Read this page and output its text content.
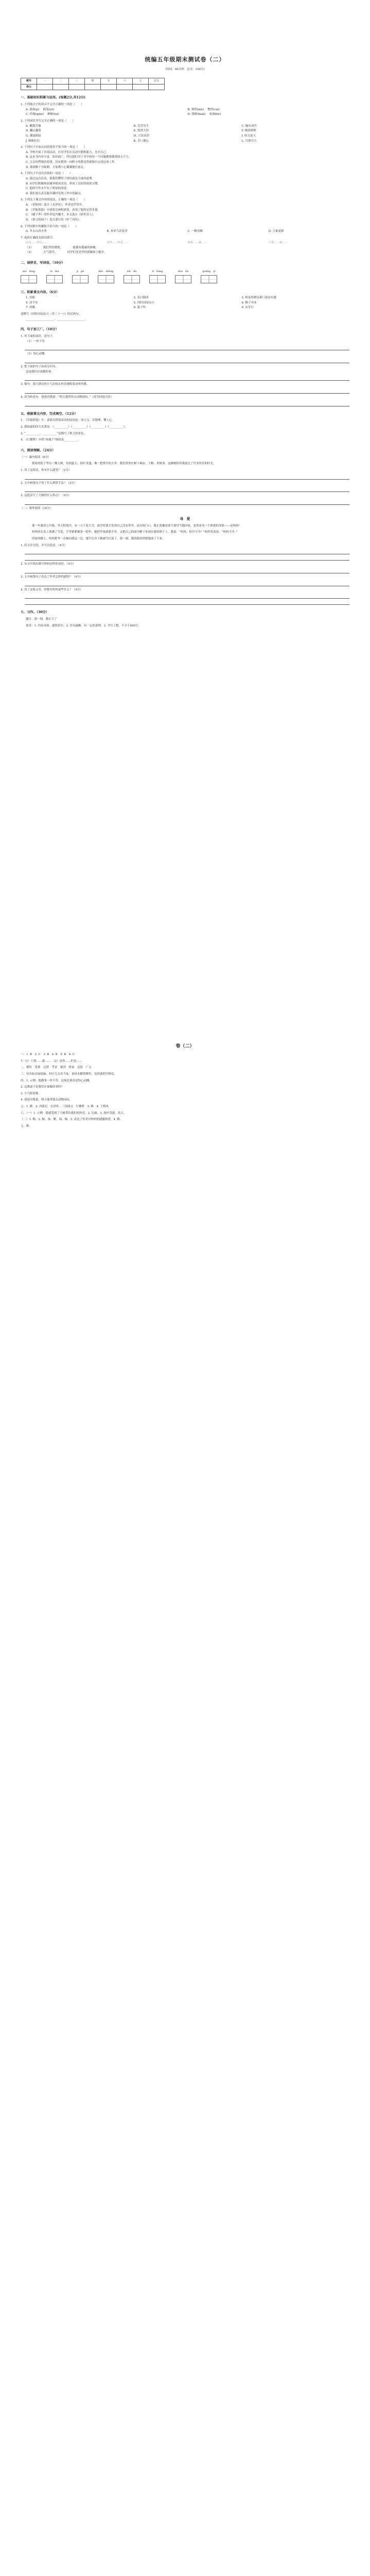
统编五年级期末测试卷（二）
（时间：90分钟　总分：100分）
题号	一	二	三	四	五	六	七	总分
得分								
一、基础知识积累与运用。(每题2分,共12分)
1. 下列加点字的读音不完全正确的一项是（　　）
A. 汲取(jí)　 摇曳(yè)	B. 蓦然(mò)　 憔悴(cuì)
C. 纤细(qiān)　 蝉蜕(tuì)	D. 徘徊(huái)　 枯涸(hé)
2. 下列词语书写完全正确的一项是（　　）
A. 酸甜苦辣	B. 荒草丛生	C. 胸有成竹
D. 翻山越领	E. 恍然大悟	F. 慢条斯理
G. 潮湿阴暗	H. 兴高采烈	I. 哈欠连天
J. 粗粗拉拉	K. 苦口婆心	L. 尽情尽力
3. 下列句子中加点词语使用不恰当的一项是（　　）
A. 学校开展了各项活动，让同学们在活动中锻炼能力，充实自己。
B. 这本书内容丰富，知识面广，所以我们对于书中的每一个问题都要做到知无不言。
C. 父亲惊愕地看着我，没有想到一向胆小的我竟然敢独自完成这项工作。
D. 那段路十分陡峭，大家都小心翼翼地往前走。
4. 下列句子中没有语病的一项是（　　）
A. 通过这次活动，使我们懂得了团结就是力量的道理。
B. 同学们积极参加课外阅读活动，养成了良好的阅读习惯。
C. 他的写作水平有了明显的改进。
D. 我们要认真克服并随时发现工作中的缺点。
5. 下列关于课文内容的说法，正确的一项是（　　）
A. 《景阳冈》选自《水浒传》，作者是罗贯中。
B. 《草船借箭》中诸葛亮神机妙算，表现了他的足智多谋。
C. 《刷子李》的作者是冯骥才，本文选自《俗世奇人》。
D. 《祖父的园子》选自萧红的《呼兰河传》。
6. 下列对联中的横批不恰当的一项是（　　）
A. 冬去山清水秀	B. 春来鸟语花香	C. 一帆风顺	D. 万象更新
7. 选择正确的关联词填空。
因为……所以……	虽然……但是……	如果……就……	只要……就……
（1）　　　　我们坚持锻炼，　　　　能拥有健康的体魄。
（2）　　　　天气很冷，　　　　同学们还是坚持到操场上跑步。
二、读拼音，写词语。（10分）
mó　fàng	ài　mù	jì　pǔ	kǎo　zhèng	xiè　dú	tǐ　liàng	dòu　liú	guǎng　yì
三、积累课文内容。（6分）
1. 泊船	2. 春日偶成	3. 秋夜将晓出篱门迎凉有感
4. 清平乐	5. 四时田园杂兴	6. 稚子弄冰
7. 村晚	8. 游子吟	9. 从军行
请默写《四时田园杂兴（其三十一）》的后两句。
____________________，____________________。
四、句子加工厂。（10分）
1. 用下面的词语，造句子。
（1）一丝不苟：
（2）惊心动魄：
2. 把下面的句子改成反问句。
这是我们应该做的事。
3. 缩句：那只漂亮的小鸟在枝头快乐地唱着动听的歌。
4. 改为转述句：爸爸对我说：“明天我带你去动物园玩。”（改为间接引语）
五、根据课文内容，完成填空。（12分）
1. 《草船借箭》中，诸葛亮借箭成功的原因是：知天文、识地理、懂人心。
2. 我知道的四大名著是：《__________》《__________》《__________》《__________》。
3. “__________，__________”是描写了秋天的景色。
4. 《红楼梦》中的“凤辣子”指的是__________。
六、阅读理解。（24分）
（一）课内阅读（8分）
　　我家的院子里有一棵大树，每到夏天，枝叶茂盛，像一把撑开的大伞。我们常常在树下乘凉、下棋、讲故事。这棵树陪伴我度过了许多快乐的时光。
1. 读了这段话，你有什么感受？（2分）
2. 文中画线句子用了什么修辞手法？（2分）
3. 这段话写了大树的什么特点？（4分）
（二）课外阅读（16分）
母　爱
　　那一年我读五年级，冬天特别冷。有一天下着大雪，放学时我才发现自己没有带伞。站在校门口，我正犹豫着要不要冒雪跑回家，忽然看见一个熟悉的身影——是妈妈！
　　妈妈的头发上落满了雪花，手里紧紧握着一把伞。她把伞塞到我手里，又把自己的围巾解下来围在我的脖子上。我说：“妈妈，你冷不冷？”妈妈笑着说：“妈妈不冷。”
　　回家的路上，妈妈把伞一直倾向我这一边，她半边身子都被雪打湿了。那一刻，我的眼泪悄悄地流了下来。
1. 给文章分段，并写出段意。（4分）
2. 从文中找出描写妈妈动作的词语。（4分）
3. 文中画线句子表达了作者怎样的感情？（4分）
4. 读了这篇文章，你想对妈妈说些什么？（4分）
七、习作。（30分）
题目：那一刻，我长大了
要求：1. 内容具体，感情真实。2. 语句通顺，有一定的条理。3. 书写工整，不少于400字。
卷（二）
一、1. B　2. C　3. B　4. B　5. B　6. C
7.（1）只要……就……　（2）虽然……但是……
二、模仿　爱慕　记谱　考证　亵渎　体谅　逗留　广义
三、昼出耘田夜绩麻，村庄儿女各当家。童孙未解供耕织，也傍桑阴学种瓜。
四、1. 示例：他做事一丝不苟。这场比赛真是惊心动魄。
2. 这难道不是我们应该做的事吗？
3. 小鸟唱着歌。
4. 爸爸对我说，明天他带我去动物园玩。
五、1. 略　2. 西游记　水浒传　三国演义　红楼梦　3. 略　4. 王熙凤
六、（一）1. 示例：我感受到了大树带给我们的快乐。2. 比喻。3. 枝叶茂盛，高大。
（二）1. 略。2. 握、塞、解、围、倾。3. 表达了作者对妈妈的感激和爱。4. 略。
七、略。
